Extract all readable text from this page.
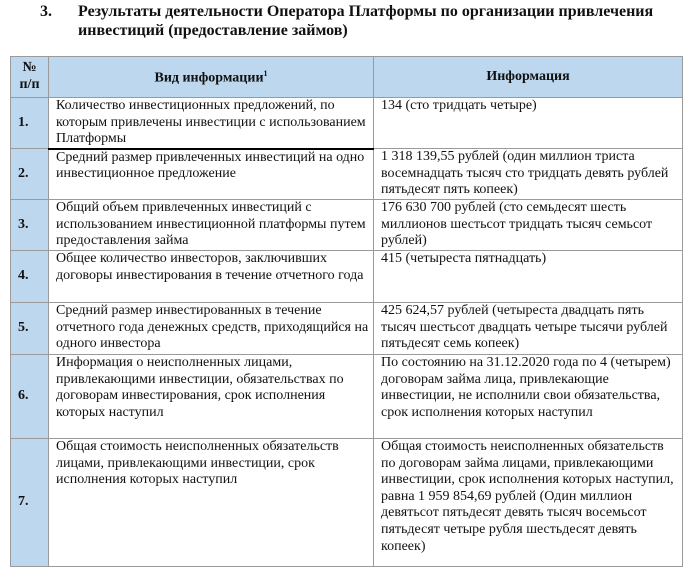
3. Результаты деятельности Оператора Платформы по организации привлечения инвестиций (предоставление займов)
№ п/п	Вид информации$^1$	Информация
1.	Количество инвестиционных предложений, по которым привлечены инвестиции с использованием Платформы	134 (сто тридцать четыре)
2.	Средний размер привлеченных инвестиций на одно инвестиционное предложение	1 318 139,55 рублей (один миллион триста восемнадцать тысяч сто тридцать девять рублей пятьдесят пять копеек)
3.	Общий объем привлеченных инвестиций с использованием инвестиционной платформы путем предоставления займа	176 630 700 рублей (сто семьдесят шесть миллионов шестьсот тридцать тысяч семьсот рублей)
4.	Общее количество инвесторов, заключивших договоры инвестирования в течение отчетного года	415 (четыреста пятнадцать)
5.	Средний размер инвестированных в течение отчетного года денежных средств, приходящийся на одного инвестора	425 624,57 рублей (четыреста двадцать пять тысяч шестьсот двадцать четыре тысячи рублей пятьдесят семь копеек)
6.	Информация о неисполненных лицами, привлекающими инвестиции, обязательствах по договорам инвестирования, срок исполнения которых наступил	По состоянию на 31.12.2020 года по 4 (четырем) договорам займа лица, привлекающие инвестиции, не исполнили свои обязательства, срок исполнения которых наступил
7.	Общая стоимость неисполненных обязательств лицами, привлекающими инвестиции, срок исполнения которых наступил	Общая стоимость неисполненных обязательств по договорам займа лицами, привлекающими инвестиции, срок исполнения которых наступил, равна 1 959 854,69 рублей (Один миллион девятьсот пятьдесят девять тысяч восемьсот пятьдесят четыре рубля шестьдесят девять копеек)
